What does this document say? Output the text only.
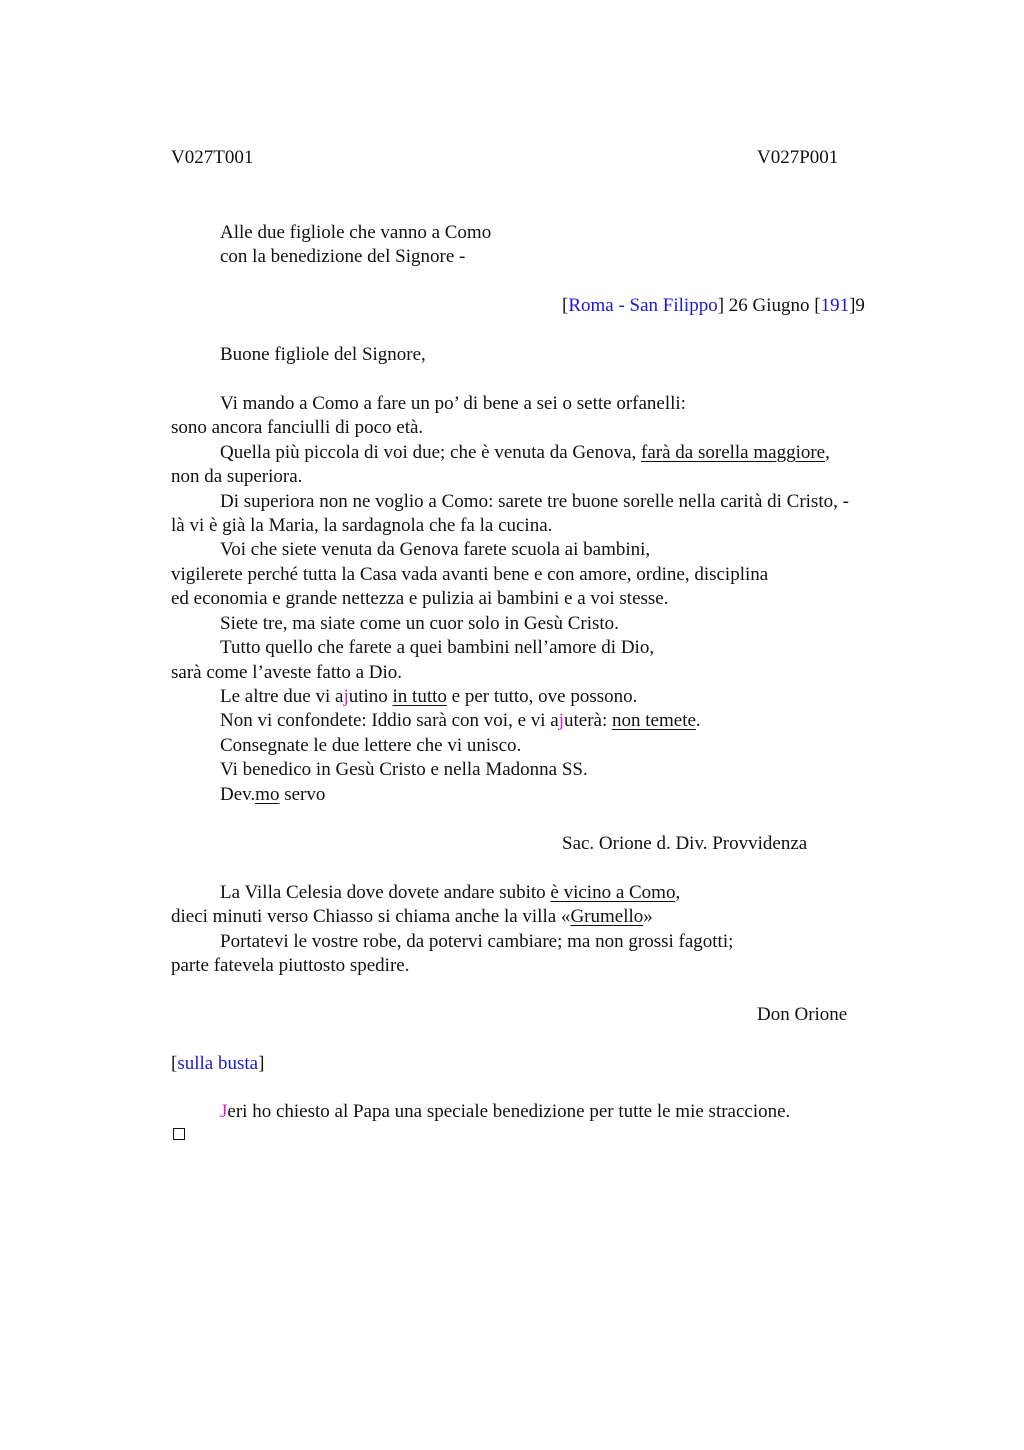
V027T001	V027P001
Alle due figliole che vanno a Como
con la benedizione del Signore -
[Roma - San Filippo] 26 Giugno [191]9
Buone figliole del Signore,
Vi mando a Como a fare un po’ di bene a sei o sette orfanelli:
sono ancora fanciulli di poco età.
Quella più piccola di voi due; che è venuta da Genova, farà da sorella maggiore,
non da superiora.
Di superiora non ne voglio a Como: sarete tre buone sorelle nella carità di Cristo, -
là vi è già la Maria, la sardagnola che fa la cucina.
Voi che siete venuta da Genova farete scuola ai bambini,
vigilerete perché tutta la Casa vada avanti bene e con amore, ordine, disciplina
ed economia e grande nettezza e pulizia ai bambini e a voi stesse.
Siete tre, ma siate come un cuor solo in Gesù Cristo.
Tutto quello che farete a quei bambini nell’amore di Dio,
sarà come l’aveste fatto a Dio.
Le altre due vi ajutino in tutto e per tutto, ove possono.
Non vi confondete: Iddio sarà con voi, e vi ajuterà: non temete.
Consegnate le due lettere che vi unisco.
Vi benedico in Gesù Cristo e nella Madonna SS.
Dev.mo servo
Sac. Orione d. Div. Provvidenza
La Villa Celesia dove dovete andare subito è vicino a Como,
dieci minuti verso Chiasso si chiama anche la villa «Grumello»
Portatevi le vostre robe, da potervi cambiare; ma non grossi fagotti;
parte fatevela piuttosto spedire.
Don Orione
[sulla busta]
Jeri ho chiesto al Papa una speciale benedizione per tutte le mie straccione.
